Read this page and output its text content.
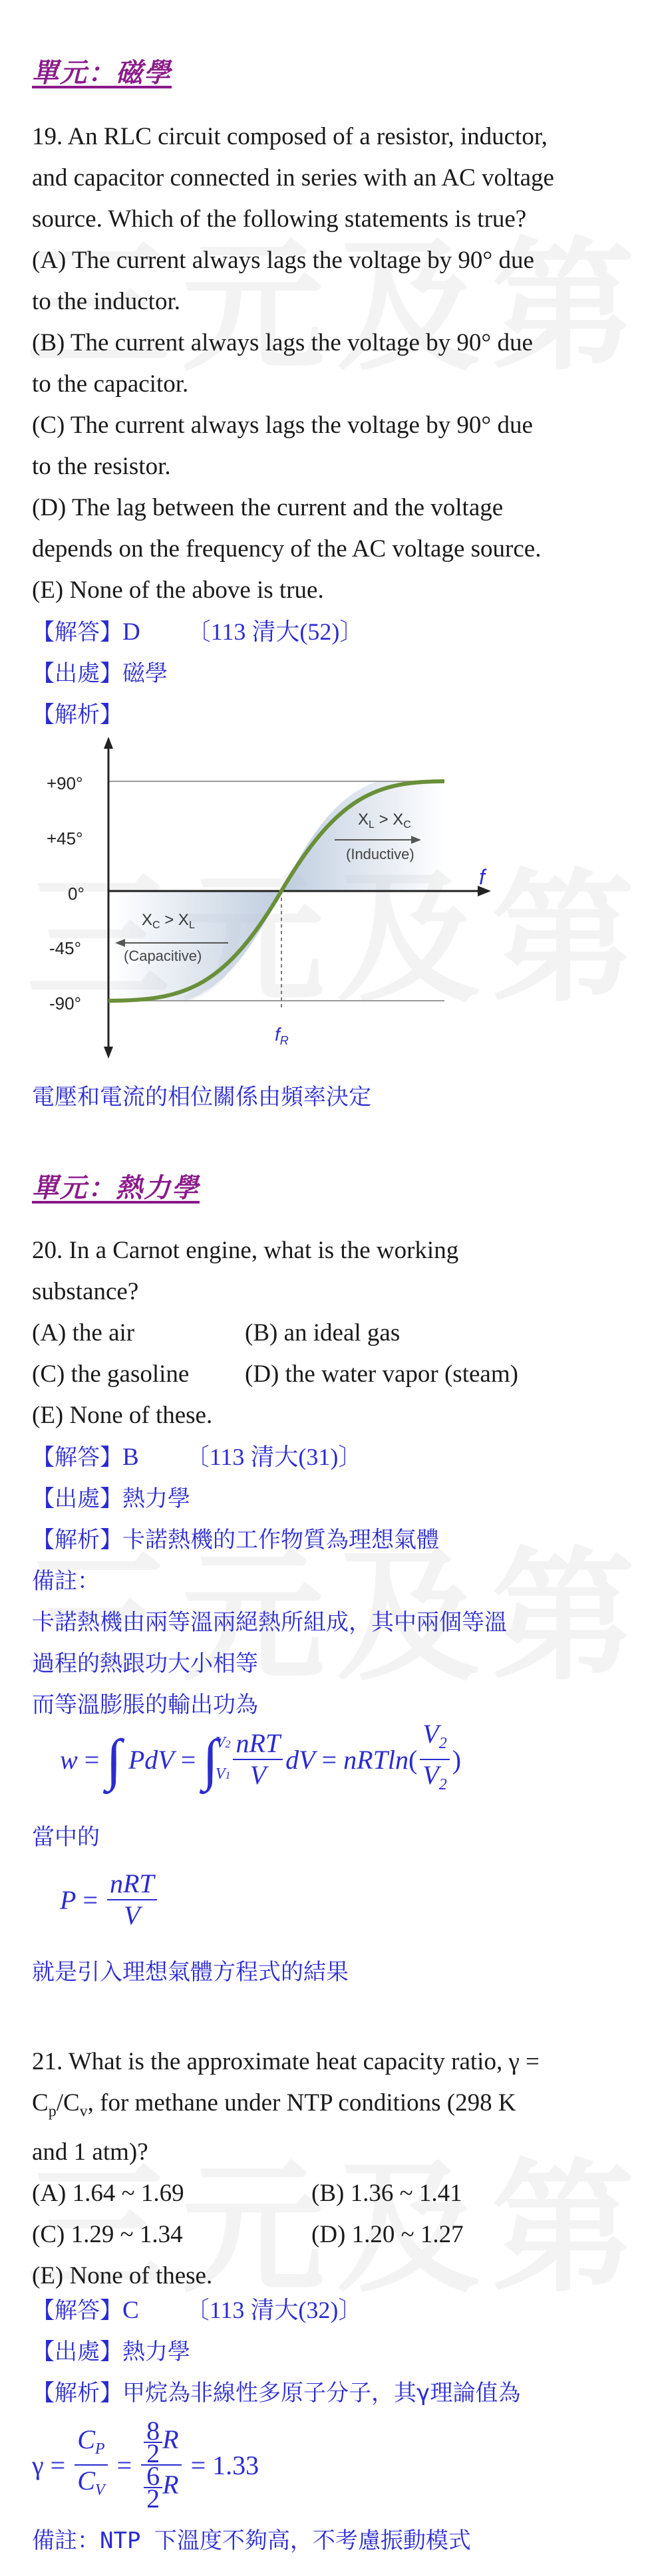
單元：磁學

19. An RLC circuit composed of a resistor, inductor,

and capacitor connected in series with an AC voltage

source. Which of the following statements is true?

(A) The current always lags the voltage by 90° due

to the inductor.

(B) The current always lags the voltage by 90° due

to the capacitor.

(C) The current always lags the voltage by 90° due

to the resistor.

(D) The lag between the current and the voltage

depends on the frequency of the AC voltage source.

(E) None of the above is true.

【解答】D 〔113 清大(52)〕

【出處】磁學

【解析】

+90°
+45°
0°
-45°
-90°
f
$f_R$
$X_L > X_C$
(Inductive)
$X_C > X_L$
(Capacitive)

電壓和電流的相位關係由頻率決定

單元：熱力學

20. In a Carnot engine, what is the working

substance?

(A) the air	(B) an ideal gas

(C) the gasoline (D) the water vapor (steam)

(E) None of these.

【解答】B 〔113 清大(31)〕

【出處】熱力學

【解析】卡諾熱機的工作物質為理想氣體

備註：

卡諾熱機由兩等溫兩絕熱所組成，其中兩個等溫

過程的熱跟功大小相等

而等溫膨脹的輸出功為

w = ∫ PdV = ∫
V2
$V1 \frac{\text{nRT}}{V}$ dV = nRTln ( $\frac{V_2}{V_2}$ )

當中的

$P = \frac{\text{nRT}}{V}$

就是引入理想氣體方程式的結果

21. What is the approximate heat capacity ratio, γ =

$C_p/C_v$, for methane under NTP conditions (298 K

and 1 atm)?

(A) 1.64 ~ 1.69	(B) 1.36 ~ 1.41

(C) 1.29 ~ 1.34	(D) 1.20 ~ 1.27

(E) None of these.

【解答】C 〔113 清大(32)〕

【出處】熱力學

【解析】甲烷為非線性多原子分子，其γ理論值為

$\gamma = \frac{C_P}{C_V} = \frac{\frac{8}{2} R}{\frac{6}{2} R} = 1.33$

備註：NTP 下溫度不夠高，不考慮振動模式
